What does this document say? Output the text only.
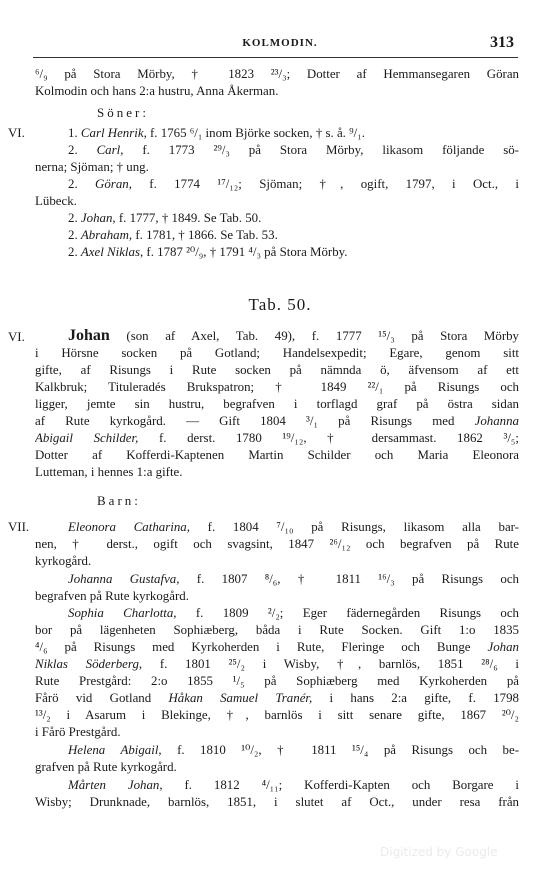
KOLMODIN.	313
⁶/₉ på Stora Mörby, † 1823 ²³/₃; Dotter af Hemmansegaren Göran
Kolmodin och hans 2:a hustru, Anna Åkerman.
Söner:
VI.	1. Carl Henrik, f. 1765 ⁶/₁ inom Björke socken, † s. å. ⁹/₁.
2. Carl, f. 1773 ²⁹/₃ på Stora Mörby, likasom följande sö-
nerna; Sjöman; † ung.
2. Göran, f. 1774 ¹⁷/₁₂; Sjöman; †, ogift, 1797, i Oct., i
Lübeck.
2. Johan, f. 1777, † 1849. Se Tab. 50.
2. Abraham, f. 1781, † 1866. Se Tab. 53.
2. Axel Niklas, f. 1787 ²⁰/₉, † 1791 ⁴/₃ på Stora Mörby.
Tab. 50.
VI.	Johan (son af Axel, Tab. 49), f. 1777 ¹⁵/₃ på Stora Mörby
i Hörsne socken på Gotland; Handelsexpedit; Egare, genom sitt
gifte, af Risungs i Rute socken på nämnda ö, äfvensom af ett
Kalkbruk; Tituleradés Brukspatron; † 1849 ²²/₁ på Risungs och
ligger, jemte sin hustru, begrafven i torflagd graf på östra sidan
af Rute kyrkogård. — Gift 1804 ³/₁ på Risungs med Johanna
Abigail Schilder, f. derst. 1780 ¹⁹/₁₂, † dersammast. 1862 ³/₅;
Dotter af Kofferdi-Kaptenen Martin Schilder och Maria Eleonora
Lutteman, i hennes 1:a gifte.
Barn:
VII.	Eleonora Catharina, f. 1804 ⁷/₁₀ på Risungs, likasom alla bar-
nen, † derst., ogift och svagsint, 1847 ²⁶/₁₂ och begrafven på Rute
kyrkogård.
Johanna Gustafva, f. 1807 ⁸/₆, † 1811 ¹⁶/₃ på Risungs och
begrafven på Rute kyrkogård.
Sophia Charlotta, f. 1809 ²/₂; Eger fädernegården Risungs och
bor på lägenheten Sophiæberg, båda i Rute Socken. Gift 1:o 1835
⁴/₆ på Risungs med Kyrkoherden i Rute, Fleringe och Bunge Johan
Niklas Söderberg, f. 1801 ²⁵/₂ i Wisby, †, barnlös, 1851 ²⁸/₆ i
Rute Prestgård: 2:o 1855 ¹/₅ på Sophiæberg med Kyrkoherden på
Fårö vid Gotland Håkan Samuel Tranér, i hans 2:a gifte, f. 1798
¹³/₂ i Asarum i Blekinge, †, barnlös i sitt senare gifte, 1867 ²⁰/₂
i Fårö Prestgård.
Helena Abigail, f. 1810 ¹⁰/₂, † 1811 ¹⁵/₄ på Risungs och be-
grafven på Rute kyrkogård.
Mårten Johan, f. 1812 ⁴/₁₁; Kofferdi-Kapten och Borgare i
Wisby; Drunknade, barnlös, 1851, i slutet af Oct., under resa från
Digitized by Google
